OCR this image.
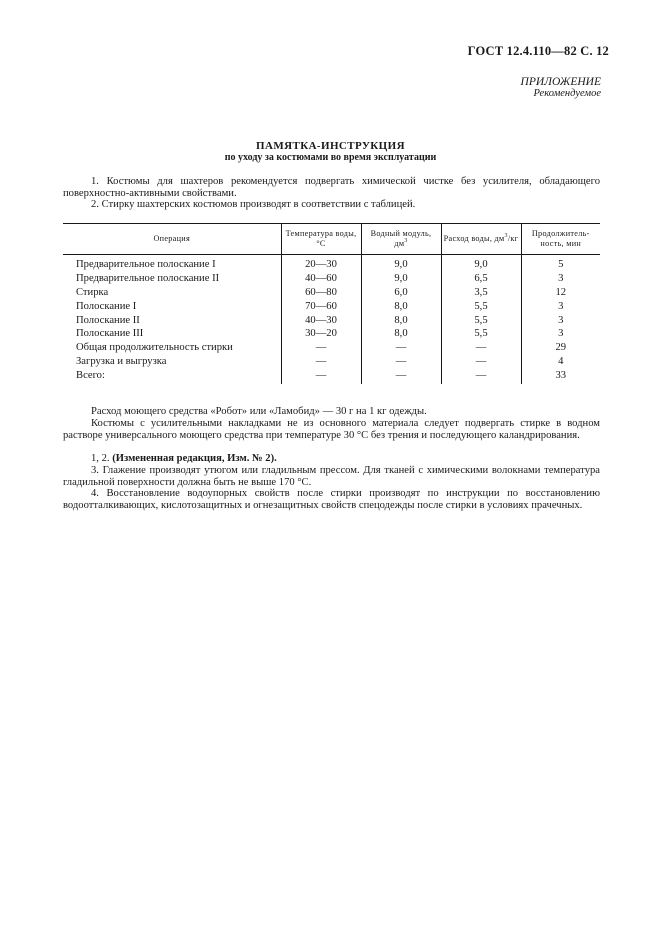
ГОСТ 12.4.110—82 С. 12
ПРИЛОЖЕНИЕ
Рекомендуемое
ПАМЯТКА-ИНСТРУКЦИЯ
по уходу за костюмами во время эксплуатации

1. Костюмы для шахтеров рекомендуется подвергать химической чистке без усилителя, обладающего поверхностно-активными свойствами.

2. Стирку шахтерских костюмов производят в соответствии с таблицей.

Операция	Температура воды, °С	Водный модуль, $дм^3$	Расход воды, $дм^3/кг$	Продолжитель- ность, мин
Предварительное полоскание I	20—30	9,0	9,0	5
Предварительное полоскание II	40—60	9,0	6,5	3
Стирка	60—80	6,0	3,5	12
Полоскание I	70—60	8,0	5,5	3
Полоскание II	40—30	8,0	5,5	3
Полоскание III	30—20	8,0	5,5	3
Общая продолжительность стирки	—	—	—	29
Загрузка и выгрузка	—	—	—	4
Всего:	—	—	—	33

Расход моющего средства «Робот» или «Ламобид» — 30 г на 1 кг одежды.

Костюмы с усилительными накладками не из основного материала следует подвергать стирке в водном растворе универсального моющего средства при температуре 30 °С без трения и последующего каландрирования.

1, 2. (Измененная редакция, Изм. № 2).

3. Глажение производят утюгом или гладильным прессом. Для тканей с химическими волокнами температура гладильной поверхности должна быть не выше 170 °С.

4. Восстановление водоупорных свойств после стирки производят по инструкции по восстановлению водоотталкивающих, кислотозащитных и огнезащитных свойств спецодежды после стирки в условиях прачечных.
